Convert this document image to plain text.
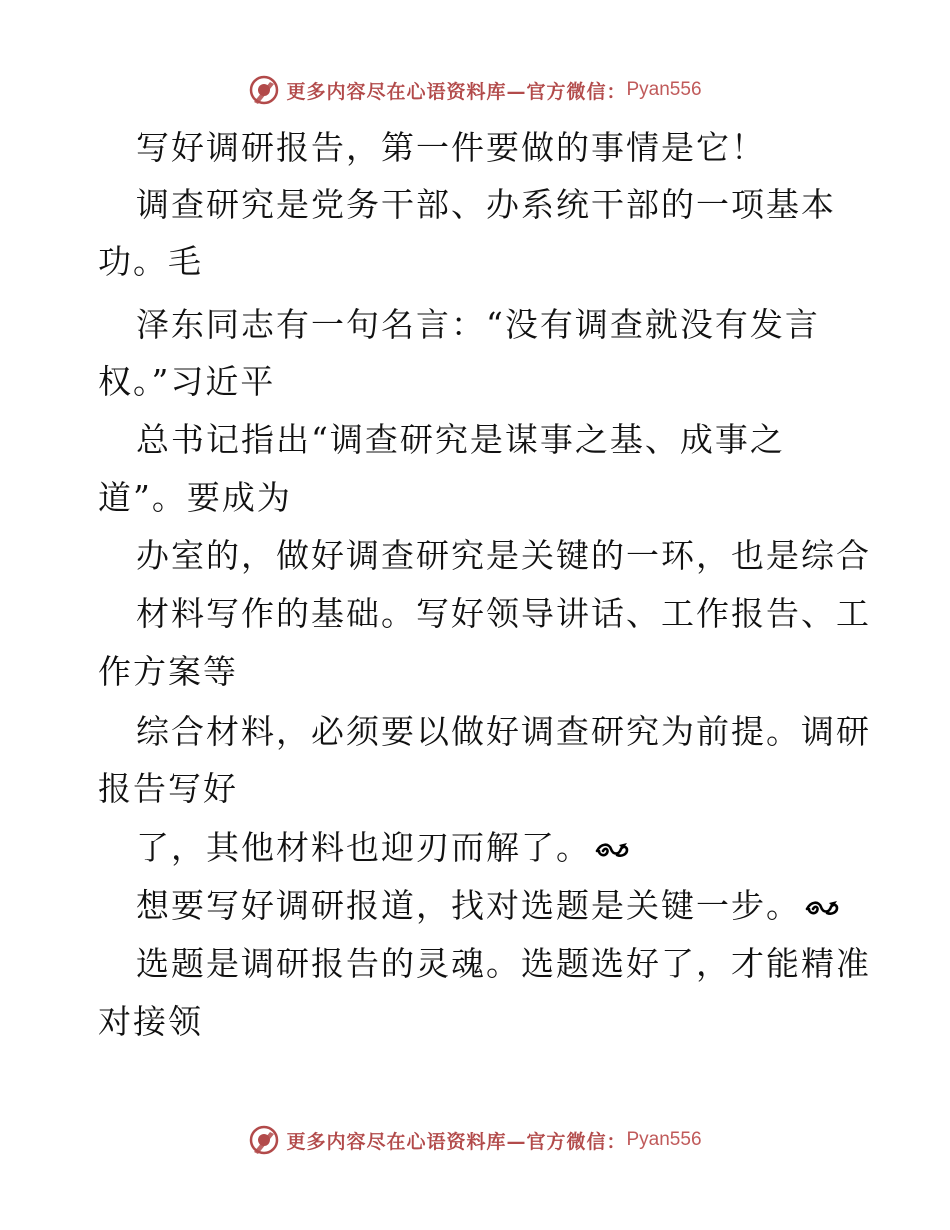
更多内容尽在心语资料库—官方微信： Pyan556
写好调研报告，第一件要做的事情是它！
调查研究是党务干部、办系统干部的一项基本
功。毛
泽东同志有一句名言：“没有调查就没有发言
权。”习近平
总书记指出“调查研究是谋事之基、成事之
道”。要成为
办室的，做好调查研究是关键的一环，也是综合
材料写作的基础。写好领导讲话、工作报告、工
作方案等
综合材料，必须要以做好调查研究为前提。调研
报告写好
了，其他材料也迎刃而解了。
想要写好调研报道，找对选题是关键一步。
选题是调研报告的灵魂。选题选好了，才能精准
对接领
更多内容尽在心语资料库—官方微信： Pyan556
